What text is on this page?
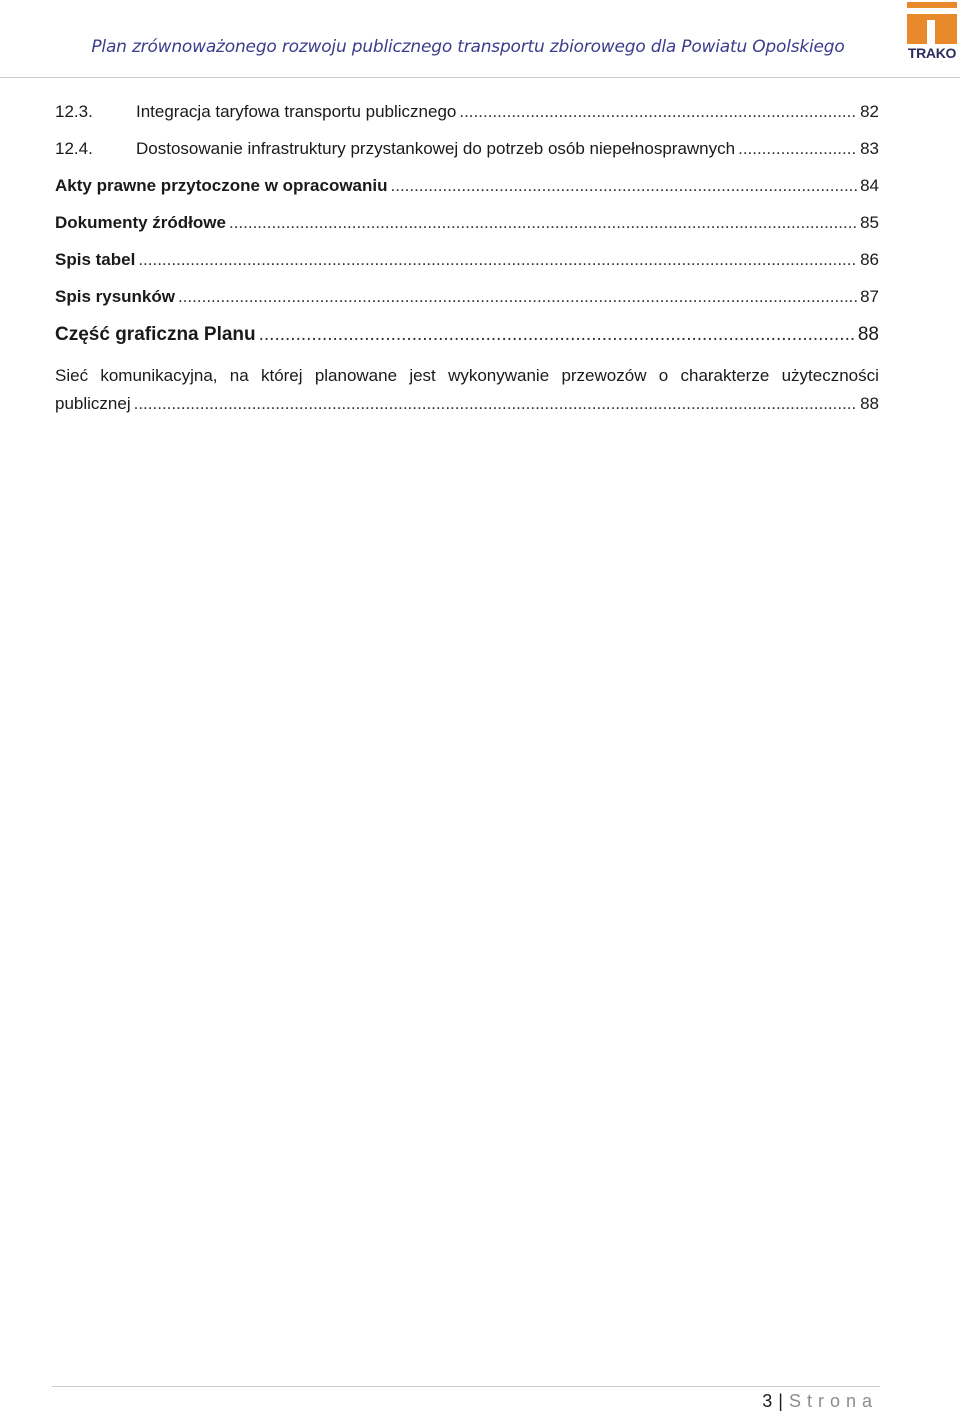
Plan zrównoważonego rozwoju publicznego transportu zbiorowego dla Powiatu Opolskiego	TRAKO
12.3.	Integracja taryfowa transportu publicznego .....	82
12.4.	Dostosowanie infrastruktury przystankowej do potrzeb osób niepełnosprawnych .....	83
Akty prawne przytoczone w opracowaniu .....	84
Dokumenty źródłowe .....	85
Spis tabel .....	86
Spis rysunków .....	87
Część graficzna Planu .....	88
Sieć komunikacyjna, na której planowane jest wykonywanie przewozów o charakterze użyteczności
publicznej .....	88
3 | Strona
